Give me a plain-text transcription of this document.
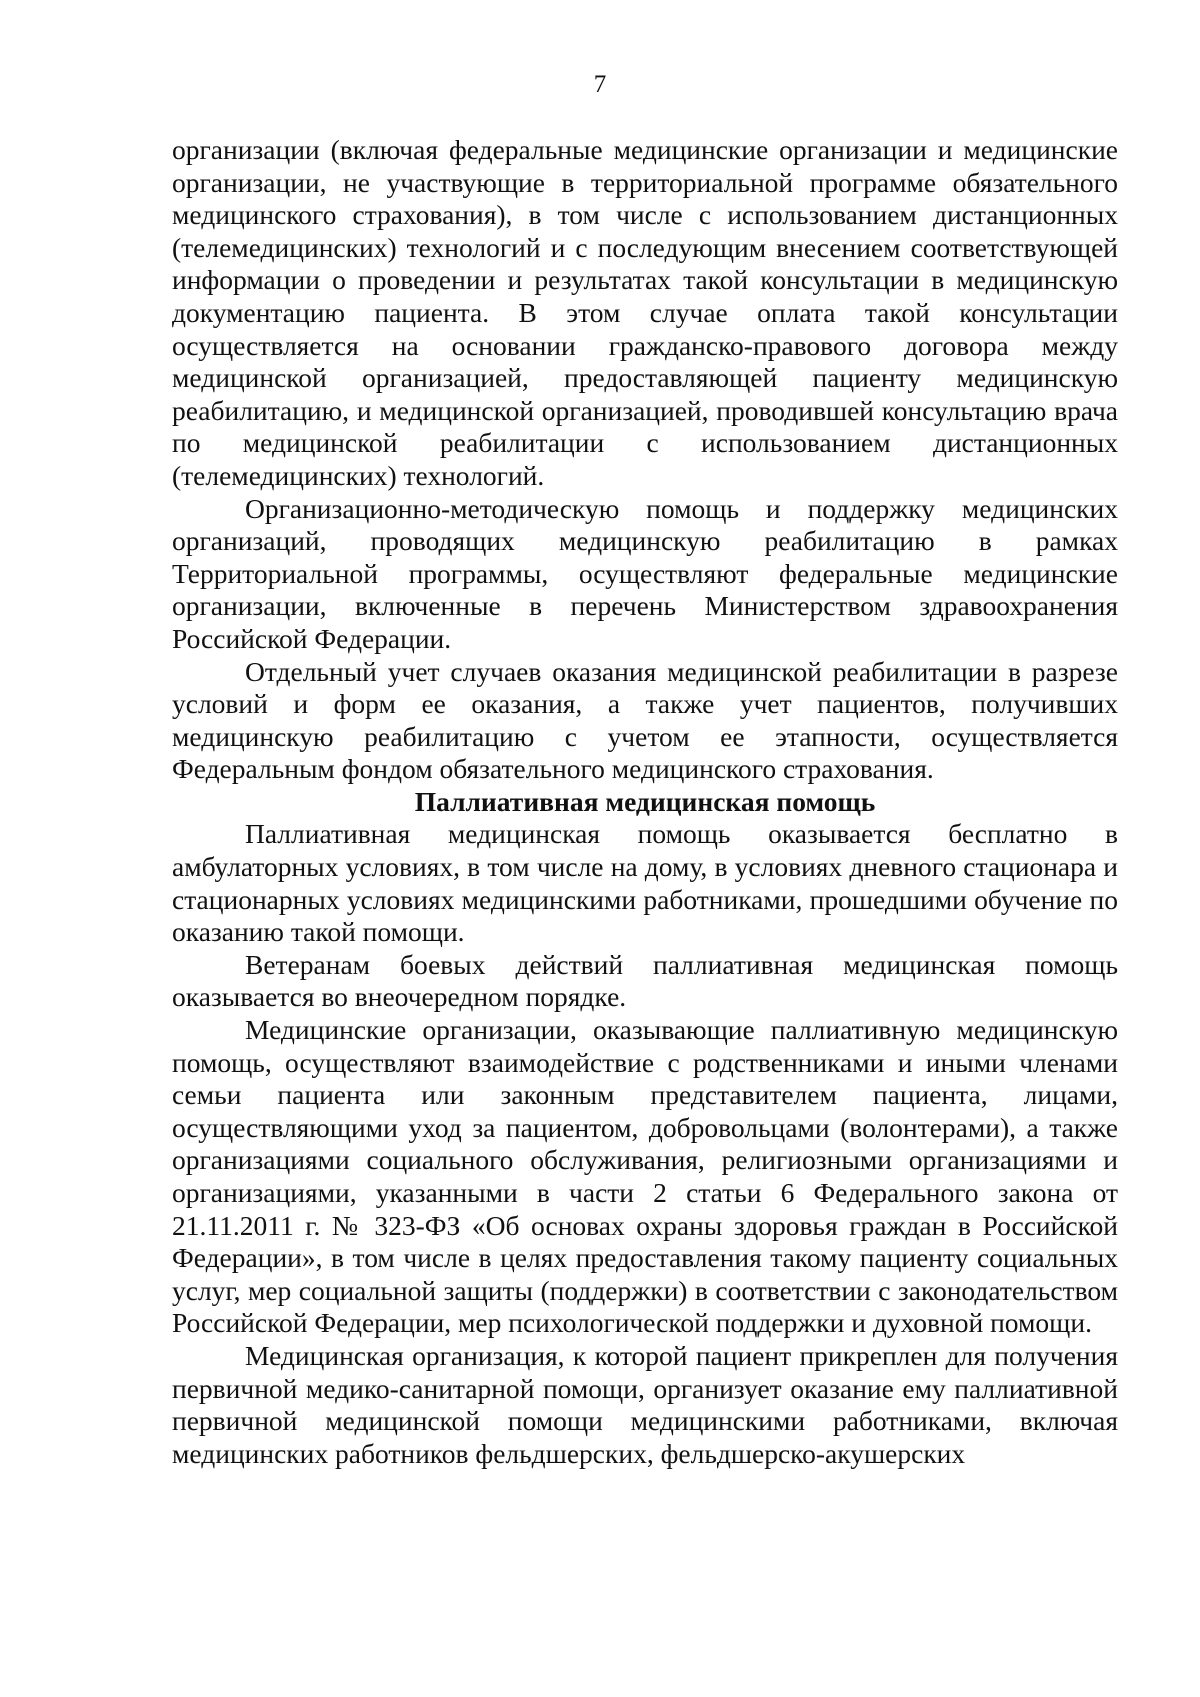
7

организации (включая федеральные медицинские организации и медицинские организации, не участвующие в территориальной программе обязательного медицинского страхования), в том числе с использованием дистанционных (телемедицинских) технологий и с последующим внесением соответствующей информации о проведении и результатах такой консультации в медицинскую документацию пациента. В этом случае оплата такой консультации осуществляется на основании гражданско-правового договора между медицинской организацией, предоставляющей пациенту медицинскую реабилитацию, и медицинской организацией, проводившей консультацию врача по медицинской реабилитации с использованием дистанционных (телемедицинских) технологий.

Организационно-методическую помощь и поддержку медицинских организаций, проводящих медицинскую реабилитацию в рамках Территориальной программы, осуществляют федеральные медицинские организации, включенные в перечень Министерством здравоохранения Российской Федерации.

Отдельный учет случаев оказания медицинской реабилитации в разрезе условий и форм ее оказания, а также учет пациентов, получивших медицинскую реабилитацию с учетом ее этапности, осуществляется Федеральным фондом обязательного медицинского страхования.

Паллиативная медицинская помощь

Паллиативная медицинская помощь оказывается бесплатно в амбулаторных условиях, в том числе на дому, в условиях дневного стационара и стационарных условиях медицинскими работниками, прошедшими обучение по оказанию такой помощи.

Ветеранам боевых действий паллиативная медицинская помощь оказывается во внеочередном порядке.

Медицинские организации, оказывающие паллиативную медицинскую помощь, осуществляют взаимодействие с родственниками и иными членами семьи пациента или законным представителем пациента, лицами, осуществляющими уход за пациентом, добровольцами (волонтерами), а также организациями социального обслуживания, религиозными организациями и организациями, указанными в части 2 статьи 6 Федерального закона от 21.11.2011 г. № 323-ФЗ «Об основах охраны здоровья граждан в Российской Федерации», в том числе в целях предоставления такому пациенту социальных услуг, мер социальной защиты (поддержки) в соответствии с законодательством Российской Федерации, мер психологической поддержки и духовной помощи.

Медицинская организация, к которой пациент прикреплен для получения первичной медико-санитарной помощи, организует оказание ему паллиативной первичной медицинской помощи медицинскими работниками, включая медицинских работников фельдшерских, фельдшерско-акушерских
